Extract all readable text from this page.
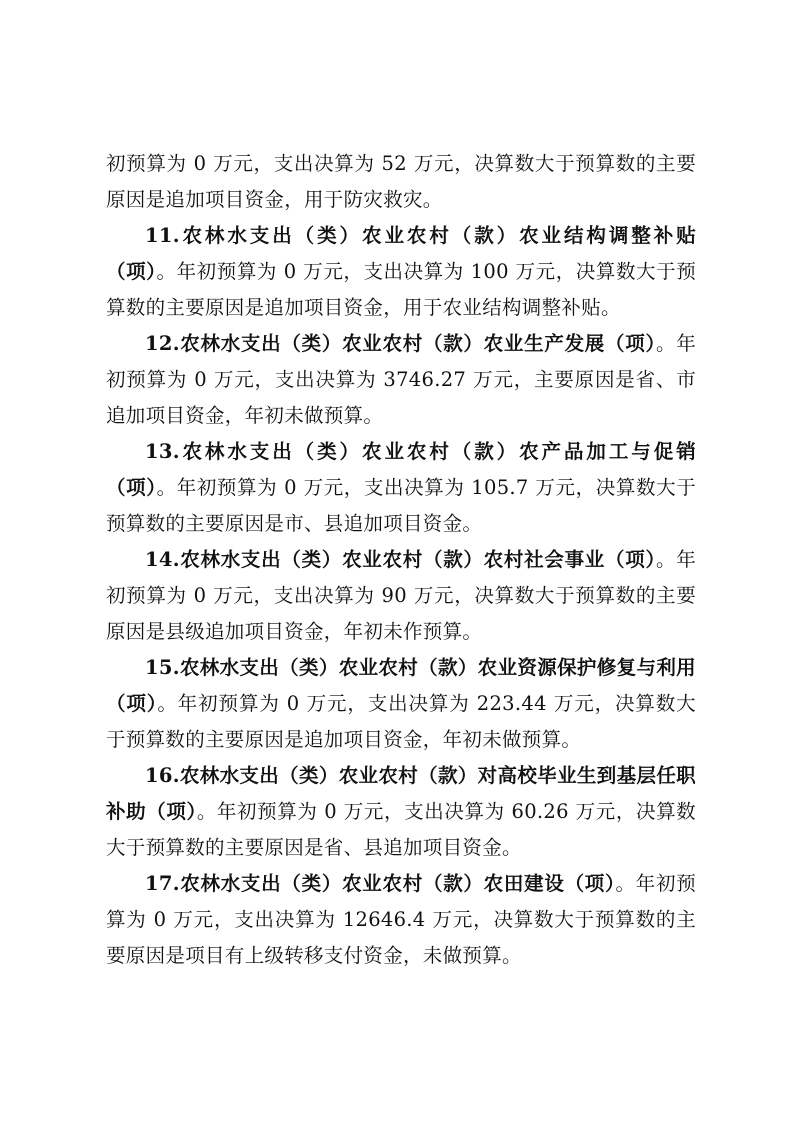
初预算为 0 万元，支出决算为 52 万元，决算数大于预算数的主要原因是追加项目资金，用于防灾救灾。

11.农林水支出（类）农业农村（款）农业结构调整补贴（项）。年初预算为 0 万元，支出决算为 100 万元，决算数大于预算数的主要原因是追加项目资金，用于农业结构调整补贴。

12.农林水支出（类）农业农村（款）农业生产发展（项）。年初预算为 0 万元，支出决算为 3746.27 万元，主要原因是省、市追加项目资金，年初未做预算。

13.农林水支出（类）农业农村（款）农产品加工与促销（项）。年初预算为 0 万元，支出决算为 105.7 万元，决算数大于预算数的主要原因是市、县追加项目资金。

14.农林水支出（类）农业农村（款）农村社会事业（项）。年初预算为 0 万元，支出决算为 90 万元，决算数大于预算数的主要原因是县级追加项目资金，年初未作预算。

15.农林水支出（类）农业农村（款）农业资源保护修复与利用（项）。年初预算为 0 万元，支出决算为 223.44 万元，决算数大于预算数的主要原因是追加项目资金，年初未做预算。

16.农林水支出（类）农业农村（款）对高校毕业生到基层任职补助（项）。年初预算为 0 万元，支出决算为 60.26 万元，决算数大于预算数的主要原因是省、县追加项目资金。

17.农林水支出（类）农业农村（款）农田建设（项）。年初预算为 0 万元，支出决算为 12646.4 万元，决算数大于预算数的主要原因是项目有上级转移支付资金，未做预算。
